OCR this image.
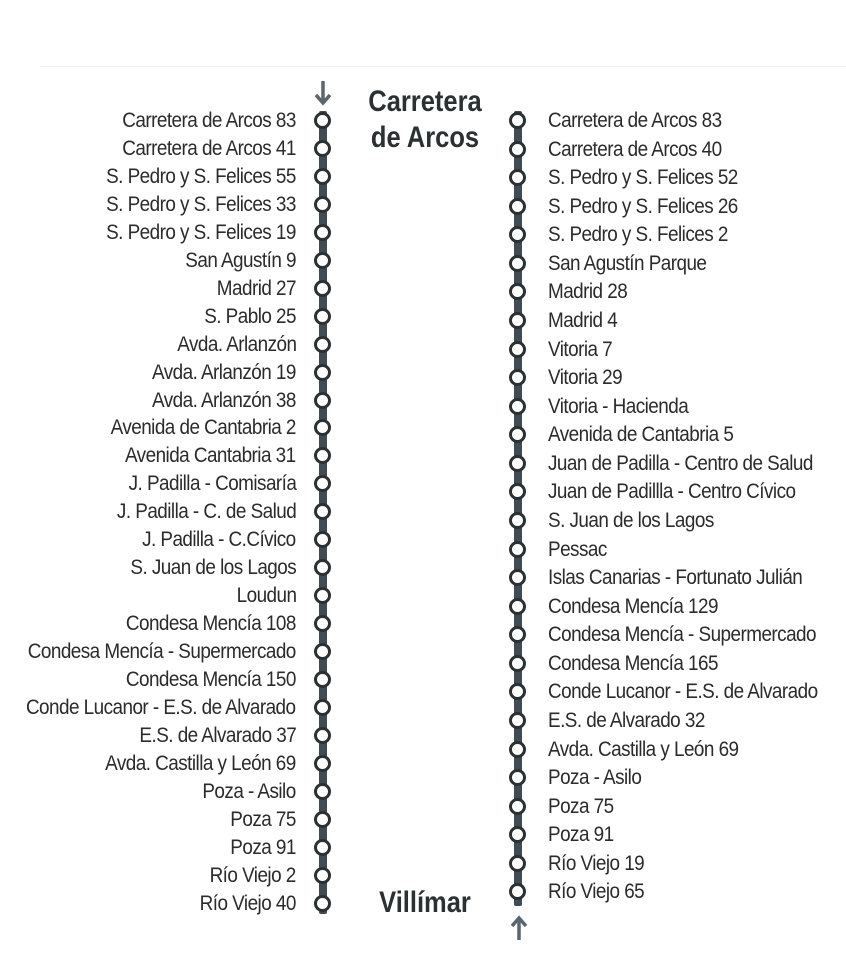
Carretera
de Arcos
Villímar
Carretera de Arcos 83
Carretera de Arcos 41
S. Pedro y S. Felices 55
S. Pedro y S. Felices 33
S. Pedro y S. Felices 19
San Agustín 9
Madrid 27
S. Pablo 25
Avda. Arlanzón
Avda. Arlanzón 19
Avda. Arlanzón 38
Avenida de Cantabria 2
Avenida Cantabria 31
J. Padilla - Comisaría
J. Padilla - C. de Salud
J. Padilla - C.Cívico
S. Juan de los Lagos
Loudun
Condesa Mencía 108
Condesa Mencía - Supermercado
Condesa Mencía 150
Conde Lucanor - E.S. de Alvarado
E.S. de Alvarado 37
Avda. Castilla y León 69
Poza - Asilo
Poza 75
Poza 91
Río Viejo 2
Río Viejo 40
Carretera de Arcos 83
Carretera de Arcos 40
S. Pedro y S. Felices 52
S. Pedro y S. Felices 26
S. Pedro y S. Felices 2
San Agustín Parque
Madrid 28
Madrid 4
Vitoria 7
Vitoria 29
Vitoria - Hacienda
Avenida de Cantabria 5
Juan de Padilla - Centro de Salud
Juan de Padillla - Centro Cívico
S. Juan de los Lagos
Pessac
Islas Canarias - Fortunato Julián
Condesa Mencía 129
Condesa Mencía - Supermercado
Condesa Mencía 165
Conde Lucanor - E.S. de Alvarado
E.S. de Alvarado 32
Avda. Castilla y León 69
Poza - Asilo
Poza 75
Poza 91
Río Viejo 19
Río Viejo 65
